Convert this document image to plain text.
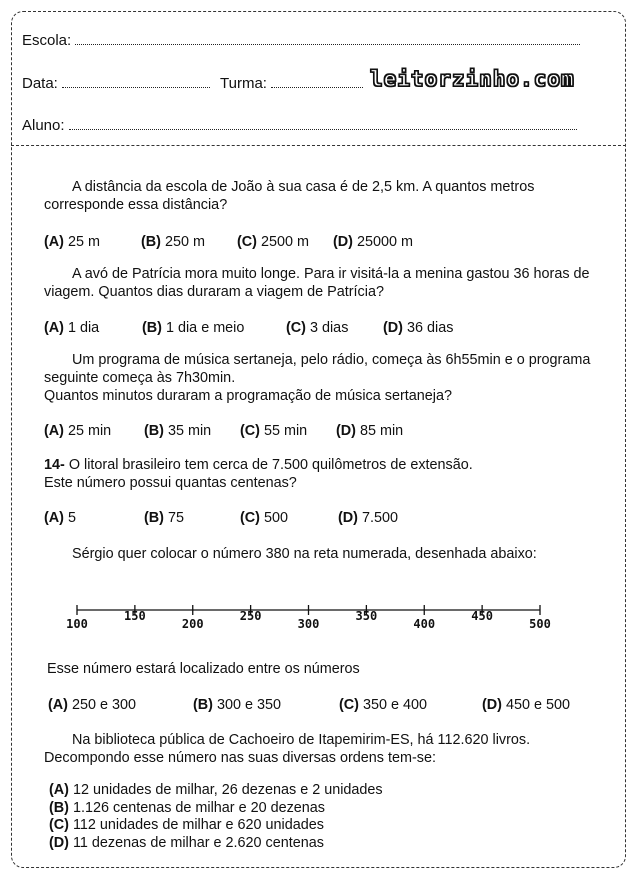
Escola:
Data:	Turma:	leitorzinho.com
Aluno:

A distância da escola de João à sua casa é de 2,5 km. A quantos metros corresponde essa distância?

(A) 25 m	(B) 250 m (C) 2500 m (D) 25000 m

A avó de Patrícia mora muito longe. Para ir visitá-la a menina gastou 36 horas de viagem. Quantos dias duraram a viagem de Patrícia?

(A) 1 dia	(B) 1 dia e meio	(C) 3 dias (D) 36 dias

Um programa de música sertaneja, pelo rádio, começa às 6h55min e o programa seguinte começa às 7h30min.

Quantos minutos duraram a programação de música sertaneja?

(A) 25 min (B) 35 min (C) 55 min (D) 85 min

14- O litoral brasileiro tem cerca de 7.500 quilômetros de extensão.

Este número possui quantas centenas?

(A) 5	(B) 75	(C) 500	(D) 7.500

Sérgio quer colocar o número 380 na reta numerada, desenhada abaixo:

100
150
200
250
300
350
400
450
500

Esse número estará localizado entre os números

(A) 250 e 300	(B) 300 e 350	(C) 350 e 400	(D) 450 e 500

Na biblioteca pública de Cachoeiro de Itapemirim-ES, há 112.620 livros.

Decompondo esse número nas suas diversas ordens tem-se:

(A) 12 unidades de milhar, 26 dezenas e 2 unidades
(B) 1.126 centenas de milhar e 20 dezenas
(C) 112 unidades de milhar e 620 unidades
(D) 11 dezenas de milhar e 2.620 centenas
